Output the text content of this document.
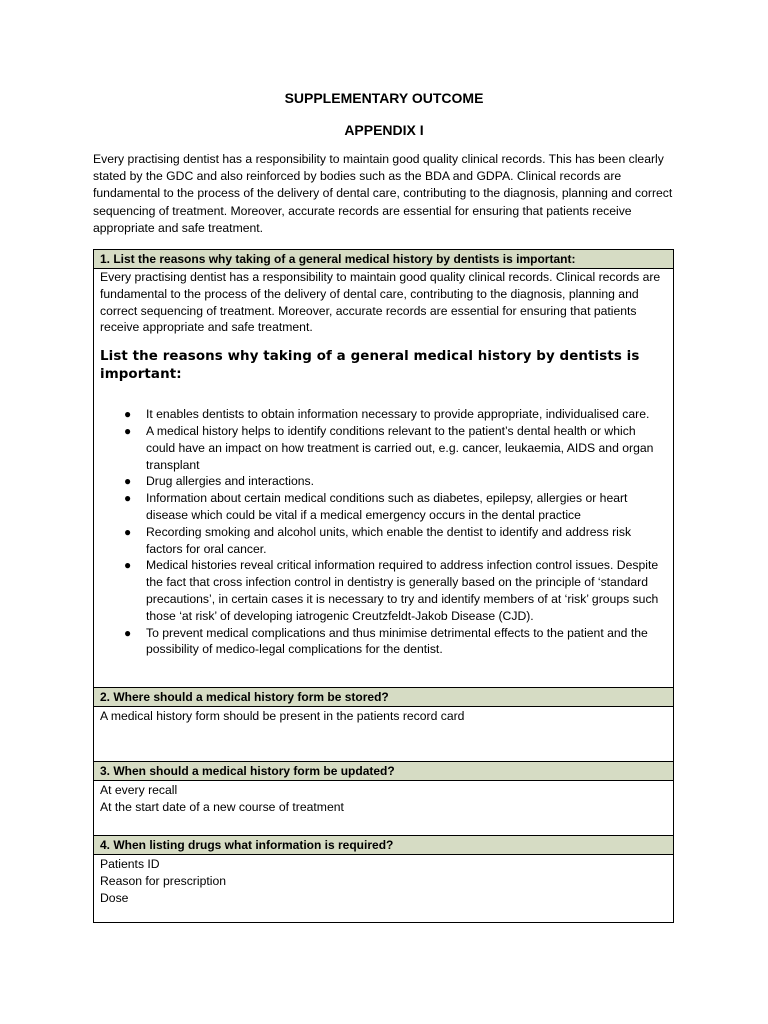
SUPPLEMENTARY OUTCOME
APPENDIX I

Every practising dentist has a responsibility to maintain good quality clinical records. This has been clearly stated by the GDC and also reinforced by bodies such as the BDA and GDPA. Clinical records are fundamental to the process of the delivery of dental care, contributing to the diagnosis, planning and correct sequencing of treatment. Moreover, accurate records are essential for ensuring that patients receive appropriate and safe treatment.

1. List the reasons why taking of a general medical history by dentists is important:

Every practising dentist has a responsibility to maintain good quality clinical records. Clinical records are fundamental to the process of the delivery of dental care, contributing to the diagnosis, planning and correct sequencing of treatment. Moreover, accurate records are essential for ensuring that patients receive appropriate and safe treatment.

List the reasons why taking of a general medical history by dentists is important:
● It enables dentists to obtain information necessary to provide appropriate, individualised care.
● A medical history helps to identify conditions relevant to the patient’s dental health or which could have an impact on how treatment is carried out, e.g. cancer, leukaemia, AIDS and organ transplant
● Drug allergies and interactions.
● Information about certain medical conditions such as diabetes, epilepsy, allergies or heart disease which could be vital if a medical emergency occurs in the dental practice
● Recording smoking and alcohol units, which enable the dentist to identify and address risk factors for oral cancer.
● Medical histories reveal critical information required to address infection control issues. Despite the fact that cross infection control in dentistry is generally based on the principle of ‘standard precautions’, in certain cases it is necessary to try and identify members of at ‘risk’ groups such those ‘at risk’ of developing iatrogenic Creutzfeldt-Jakob Disease (CJD).
● To prevent medical complications and thus minimise detrimental effects to the patient and the possibility of medico-legal complications for the dentist.
2. Where should a medical history form be stored?
A medical history form should be present in the patients record card
3. When should a medical history form be updated?
At every recall
At the start date of a new course of treatment
4. When listing drugs what information is required?
Patients ID
Reason for prescription
Dose
